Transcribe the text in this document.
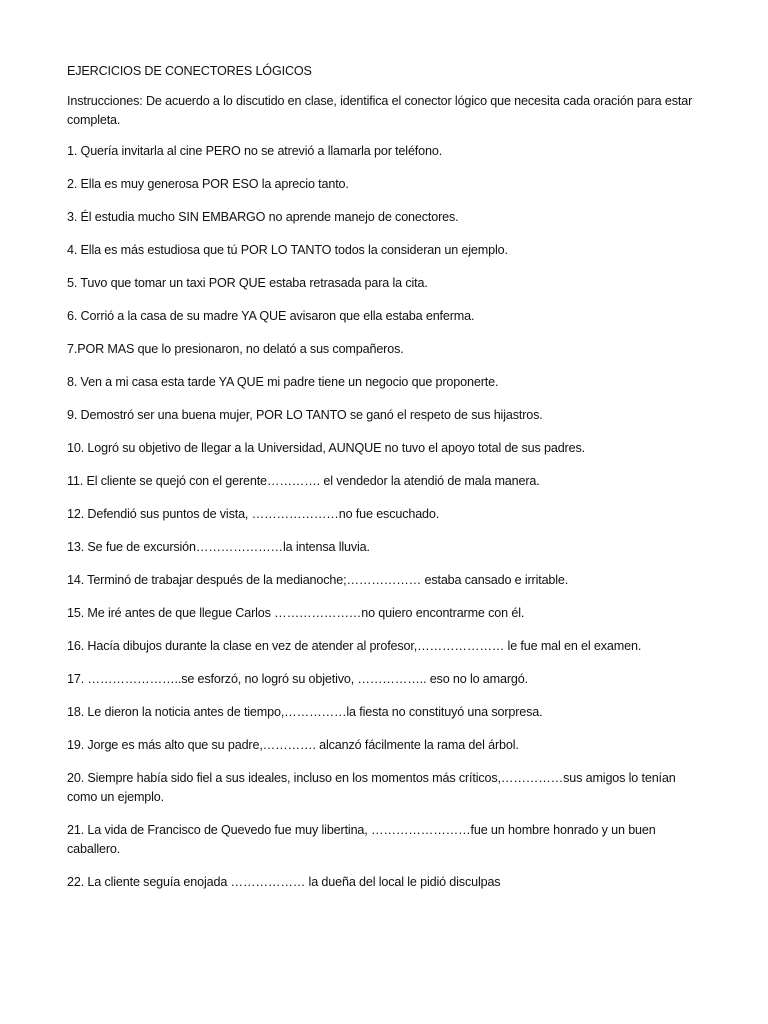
EJERCICIOS DE CONECTORES LÓGICOS

Instrucciones: De acuerdo a lo discutido en clase, identifica el conector lógico que necesita cada oración para estar completa.

1. Quería invitarla al cine PERO no se atrevió a llamarla por teléfono.
2. Ella es muy generosa POR ESO la aprecio tanto.
3. Él estudia mucho SIN EMBARGO no aprende manejo de conectores.
4. Ella es más estudiosa que tú POR LO TANTO todos la consideran un ejemplo.
5. Tuvo que tomar un taxi POR QUE estaba retrasada para la cita.
6. Corrió a la casa de su madre YA QUE avisaron que ella estaba enferma.
7.POR MAS que lo presionaron, no delató a sus compañeros.
8. Ven a mi casa esta tarde YA QUE mi padre tiene un negocio que proponerte.
9. Demostró ser una buena mujer, POR LO TANTO se ganó el respeto de sus hijastros.
10. Logró su objetivo de llegar a la Universidad, AUNQUE no tuvo el apoyo total de sus padres.
11. El cliente se quejó con el gerente…………. el vendedor la atendió de mala manera.
12. Defendió sus puntos de vista, …………………no fue escuchado.
13. Se fue de excursión…………………la intensa lluvia.
14. Terminó de trabajar después de la medianoche;……………… estaba cansado e irritable.
15. Me iré antes de que llegue Carlos …………………no quiero encontrarme con él.
16. Hacía dibujos durante la clase en vez de atender al profesor,………………… le fue mal en el examen.
17. …………………..se esforzó, no logró su objetivo, …………….. eso no lo amargó.
18. Le dieron la noticia antes de tiempo,……………la fiesta no constituyó una sorpresa.
19. Jorge es más alto que su padre,…………. alcanzó fácilmente la rama del árbol.
20. Siempre había sido fiel a sus ideales, incluso en los momentos más críticos,……………sus amigos lo tenían como un ejemplo.
21. La vida de Francisco de Quevedo fue muy libertina, ……………………fue un hombre honrado y un buen caballero.
22. La cliente seguía enojada ……………… la dueña del local le pidió disculpas
